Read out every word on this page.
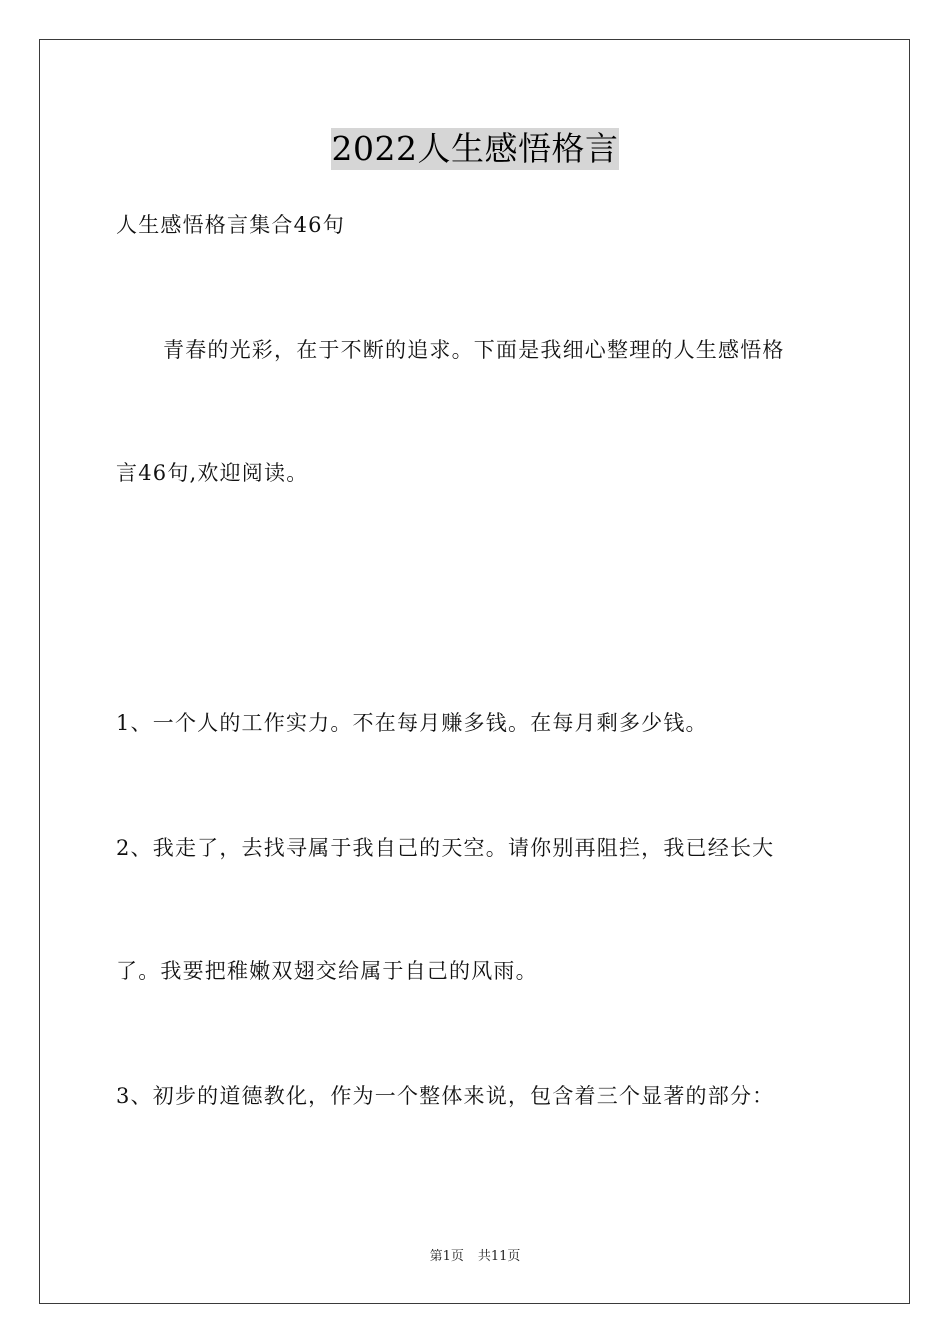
2022人生感悟格言
人生感悟格言集合46句
青春的光彩，在于不断的追求。下面是我细心整理的人生感悟格
言46句,欢迎阅读。
1、一个人的工作实力。不在每月赚多钱。在每月剩多少钱。
2、我走了，去找寻属于我自己的天空。请你别再阻拦，我已经长大
了。我要把稚嫩双翅交给属于自己的风雨。
3、初步的道德教化，作为一个整体来说，包含着三个显著的部分：
第1页 共11页
